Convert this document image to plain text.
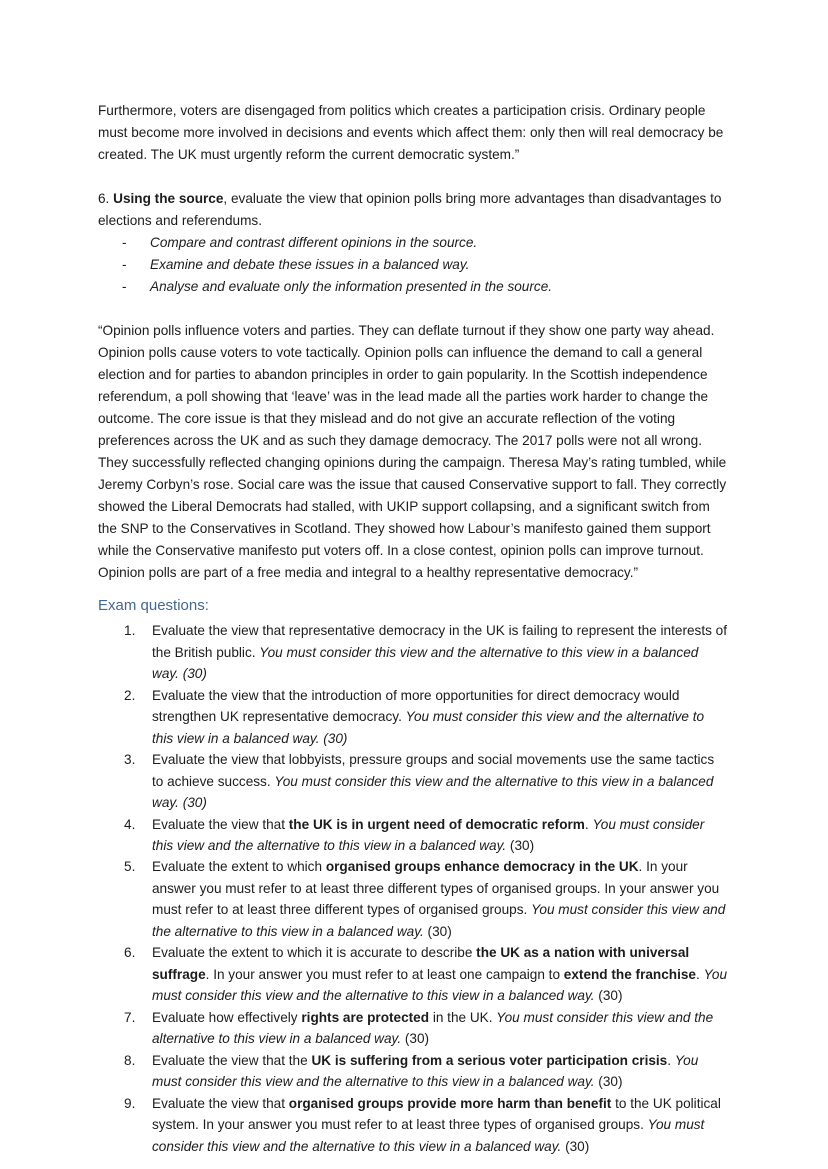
Furthermore, voters are disengaged from politics which creates a participation crisis. Ordinary people must become more involved in decisions and events which affect them: only then will real democracy be created. The UK must urgently reform the current democratic system.”

6. Using the source, evaluate the view that opinion polls bring more advantages than disadvantages to elections and referendums.

- Compare and contrast different opinions in the source.
- Examine and debate these issues in a balanced way.
- Analyse and evaluate only the information presented in the source.

“Opinion polls influence voters and parties. They can deflate turnout if they show one party way ahead. Opinion polls cause voters to vote tactically. Opinion polls can influence the demand to call a general election and for parties to abandon principles in order to gain popularity. In the Scottish independence referendum, a poll showing that ‘leave’ was in the lead made all the parties work harder to change the outcome. The core issue is that they mislead and do not give an accurate reflection of the voting preferences across the UK and as such they damage democracy. The 2017 polls were not all wrong. They successfully reflected changing opinions during the campaign. Theresa May’s rating tumbled, while Jeremy Corbyn’s rose. Social care was the issue that caused Conservative support to fall. They correctly showed the Liberal Democrats had stalled, with UKIP support collapsing, and a significant switch from the SNP to the Conservatives in Scotland. They showed how Labour’s manifesto gained them support while the Conservative manifesto put voters off. In a close contest, opinion polls can improve turnout. Opinion polls are part of a free media and integral to a healthy representative democracy.”

Exam questions:

Evaluate the view that representative democracy in the UK is failing to represent the interests of the British public. You must consider this view and the alternative to this view in a balanced way. (30)
Evaluate the view that the introduction of more opportunities for direct democracy would strengthen UK representative democracy. You must consider this view and the alternative to this view in a balanced way. (30)
Evaluate the view that lobbyists, pressure groups and social movements use the same tactics to achieve success. You must consider this view and the alternative to this view in a balanced way. (30)
Evaluate the view that the UK is in urgent need of democratic reform. You must consider this view and the alternative to this view in a balanced way. (30)
Evaluate the extent to which organised groups enhance democracy in the UK. In your answer you must refer to at least three different types of organised groups. In your answer you must refer to at least three different types of organised groups. You must consider this view and the alternative to this view in a balanced way. (30)
Evaluate the extent to which it is accurate to describe the UK as a nation with universal suffrage. In your answer you must refer to at least one campaign to extend the franchise. You must consider this view and the alternative to this view in a balanced way. (30)
Evaluate how effectively rights are protected in the UK. You must consider this view and the alternative to this view in a balanced way. (30)
Evaluate the view that the UK is suffering from a serious voter participation crisis. You must consider this view and the alternative to this view in a balanced way. (30)
Evaluate the view that organised groups provide more harm than benefit to the UK political system. In your answer you must refer to at least three types of organised groups. You must consider this view and the alternative to this view in a balanced way. (30)
